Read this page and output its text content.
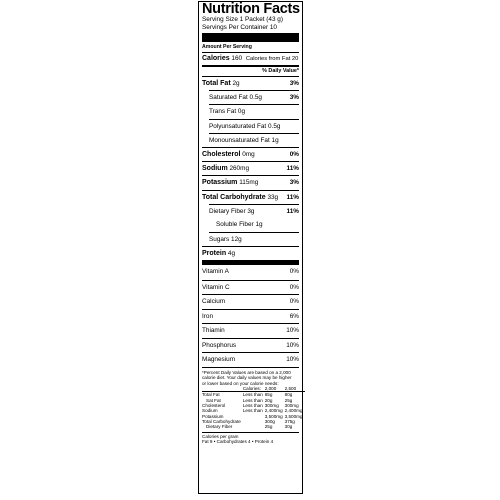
Nutrition Facts
Serving Size 1 Packet (43 g)
Servings Per Container 10
Amount Per Serving
Calories 160 Calories from Fat 20
% Daily Value*
Total Fat 2g	3%
Saturated Fat 0.5g	3%
Trans Fat 0g
Polyunsaturated Fat 0.5g
Monounsaturated Fat 1g
Cholesterol 0mg	0%
Sodium 260mg	11%
Potassium 115mg	3%
Total Carbohydrate 33g 11%
Dietary Fiber 3g	11%
Soluble Fiber 1g
Sugars 12g
Protein 4g
Vitamin A	0%
Vitamin C	0%
Calcium	0%
Iron	6%
Thiamin	10%
Phosphorus	10%
Magnesium	10%
*Percent Daily Values are based on a 2,000
calorie diet. Your daily values may be higher
or lower based on your calorie needs:
	Calories:	2,000	2,500
Total Fat	Less than	65g	80g
Sat Fat	Less than	20g	25g
Cholesterol	Less than	300mg	300mg
Sodium	Less than	2,400mg	2,400mg
Potassium		3,500mg	3,500mg
Total Carbohydrate		300g	375g
Dietary Fiber		25g	30g
Calories per gram
Fat 9 • Carbohydrates 4 • Protein 4
